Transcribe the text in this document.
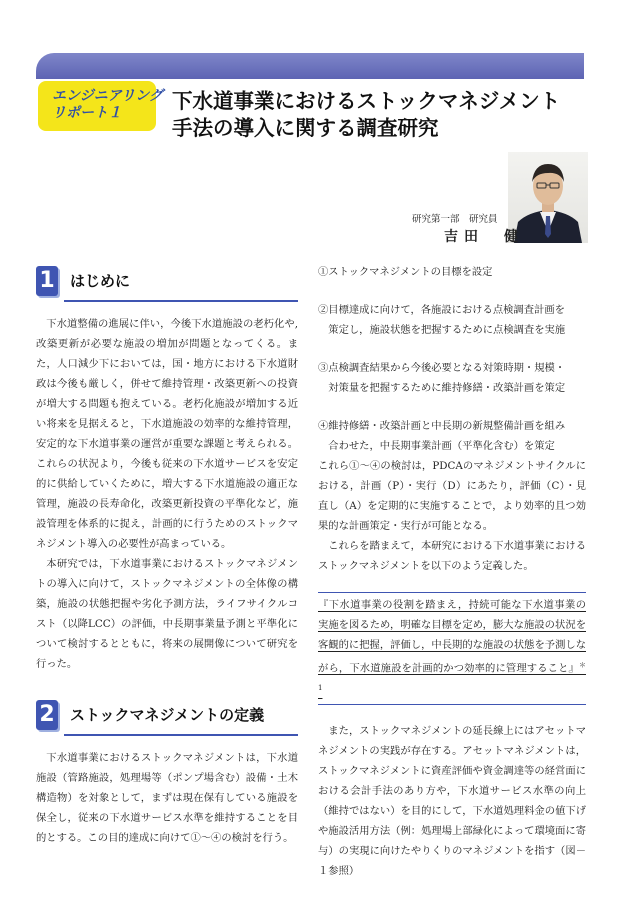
エンジニアリング
リポート１	下水道事業におけるストックマネジメント
手法の導入に関する調査研究
研究第一部　研究員
吉田　健
1 はじめに

下水道整備の進展に伴い，今後下水道施設の老朽化や,改築更新が必要な施設の増加が問題となってくる。また，人口減少下においては，国・地方における下水道財政は今後も厳しく，併せて維持管理・改築更新への投資が増大する問題も抱えている。老朽化施設が増加する近い将来を見据えると，下水道施設の効率的な維持管理，安定的な下水道事業の運営が重要な課題と考えられる。これらの状況より，今後も従来の下水道サービスを安定的に供給していくために，増大する下水道施設の適正な管理，施設の長寿命化，改築更新投資の平準化など，施設管理を体系的に捉え，計画的に行うためのストックマネジメント導入の必要性が高まっている。

本研究では，下水道事業におけるストックマネジメントの導入に向けて，ストックマネジメントの全体像の構築，施設の状態把握や劣化予測方法，ライフサイクルコスト（以降LCC）の評価，中長期事業量予測と平準化について検討するとともに，将来の展開像について研究を行った。

2 ストックマネジメントの定義

下水道事業におけるストックマネジメントは，下水道施設（管路施設，処理場等（ポンプ場含む）設備・土木構造物）を対象として，まずは現在保有している施設を保全し，従来の下水道サービス水準を維持することを目的とする。この目的達成に向けて①～④の検討を行う。

①ストックマネジメントの目標を設定

②目標達成に向けて，各施設における点検調査計画を
策定し，施設状態を把握するために点検調査を実施

③点検調査結果から今後必要となる対策時期・規模・
対策量を把握するために維持修繕・改築計画を策定

④維持修繕・改築計画と中長期の新規整備計画を組み
合わせた，中長期事業計画（平準化含む）を策定

これら①～④の検討は，PDCAのマネジメントサイクルにおける，計画（P）・実行（D）にあたり，評価（C）・見直し（A）を定期的に実施することで，より効率的且つ効果的な計画策定・実行が可能となる。

これらを踏まえて，本研究における下水道事業におけるストックマネジメントを以下のよう定義した。

『下水道事業の役割を踏まえ，持続可能な下水道事業の実施を図るため，明確な目標を定め，膨大な施設の状況を客観的に把握，評価し，中長期的な施設の状態を予測しながら，下水道施設を計画的かつ効率的に管理すること』$^{*1}$

また，ストックマネジメントの延長線上にはアセットマネジメントの実践が存在する。アセットマネジメントは，ストックマネジメントに資産評価や資金調達等の経営面における会計手法のあり方や，下水道サービス水準の向上（維持ではない）を目的にして，下水道処理料金の値下げや施設活用方法（例：処理場上部緑化によって環境面に寄与）の実現に向けたやりくりのマネジメントを指す（図－１参照）
